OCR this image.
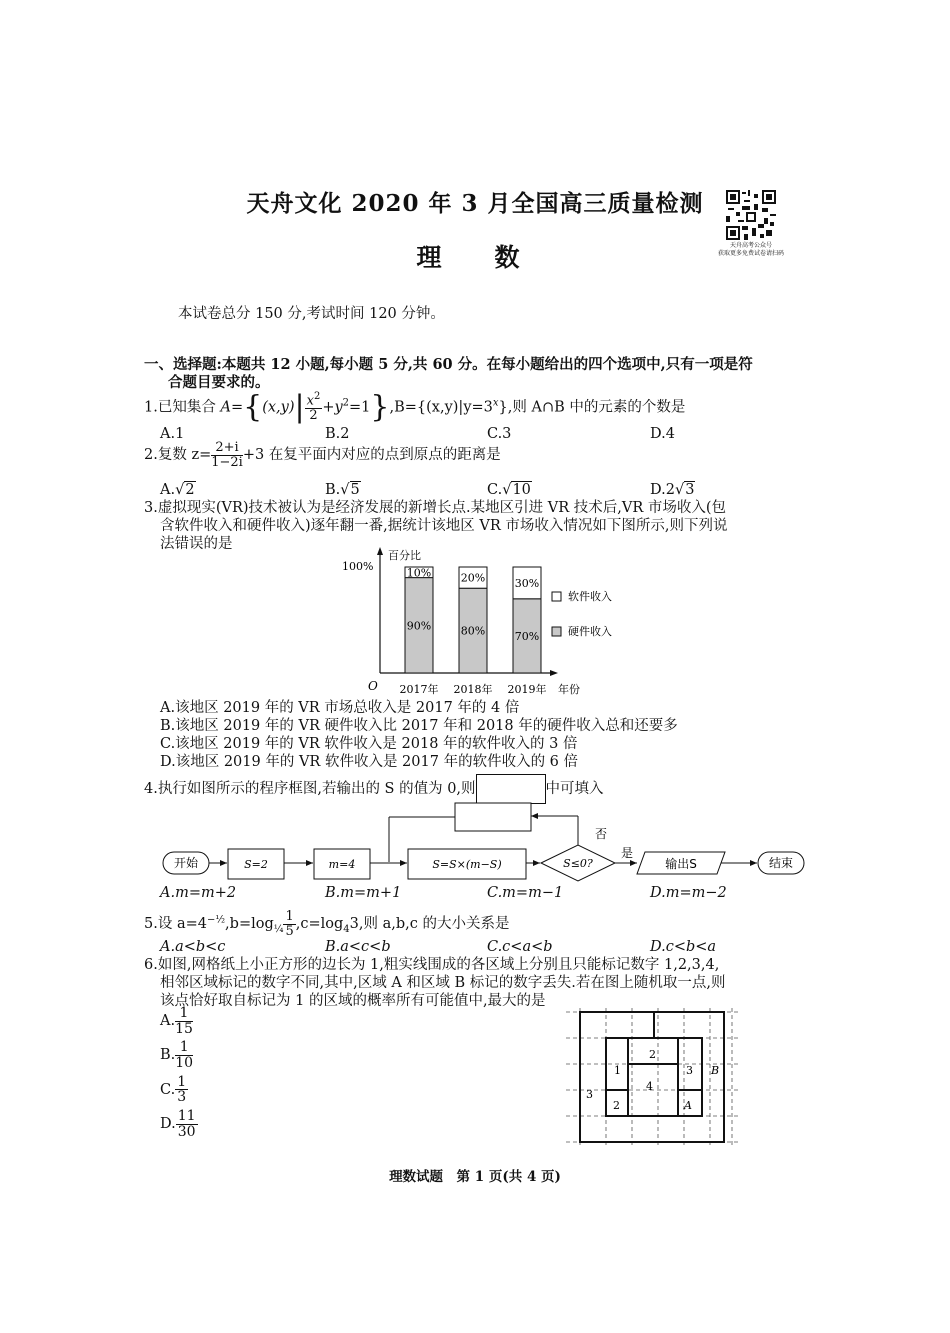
天舟文化 2020 年 3 月全国高三质量检测
理　数	天舟高考公众号
获取更多免费试卷请扫码
本试卷总分 150 分,考试时间 120 分钟。
一、选择题:本题共 12 小题,每小题 5 分,共 60 分。在每小题给出的四个选项中,只有一项是符
合题目要求的。
1.已知集合 $A=\{(x,y)| \frac{x^2}{2} +y^2=1\},B=\{(x,y)|y=3^x\}$,则 A∩B 中的元素的个数是
A.1	B.2	C.3	D.4
2.复数 $z= \frac{2+i}{1-2i} +3$ 在复平面内对应的点到原点的距离是
A.√2	B.√5	C.√10	D.2√3
3.虚拟现实(VR)技术被认为是经济发展的新增长点.某地区引进 VR 技术后,VR 市场收入(包
含软件收入和硬件收入)逐年翻一番,据统计该地区 VR 市场收入情况如下图所示,则下列说
法错误的是
百分比
100%
O	年份
90%
10%
2017年
80%
20%
2018年
70%
30%
2019年
软件收入
硬件收入
A.该地区 2019 年的 VR 市场总收入是 2017 年的 4 倍
B.该地区 2019 年的 VR 硬件收入比 2017 年和 2018 年的硬件收入总和还要多
C.该地区 2019 年的 VR 软件收入是 2018 年的软件收入的 3 倍
D.该地区 2019 年的 VR 软件收入是 2017 年的软件收入的 6 倍
4.执行如图所示的程序框图,若输出的 S 的值为 0,则	中可填入
开始	S=2	m=4	S=S×(m−S)	S≤0?
否
是
输出S	结束
A.m=m+2	B.m=m+1	C.m=m−1	D.m=m−2
5.设 $a=4^{-\frac{1}{2}},b=\log_{\frac{1}{4}} \frac{1}{5} ,c=\log_43$,则 a,b,c 的大小关系是
A.a<b<c	B.a<c<b	C.c<a<b	D.c<b<a
6.如图,网格纸上小正方形的边长为 1,粗实线围成的各区域上分别且只能标记数字 1,2,3,4,
相邻区域标记的数字不同,其中,区域 A 和区域 B 标记的数字丢失.若在图上随机取一点,则
该点恰好取自标记为 1 的区域的概率所有可能值中,最大的是
A. $\frac{1}{15}$
B. $\frac{1}{10}$
C. $\frac{1}{3}$
D. $\frac{11}{30}$
1
2
2
3
3
4
A
B
理数试题　第 1 页(共 4 页)
